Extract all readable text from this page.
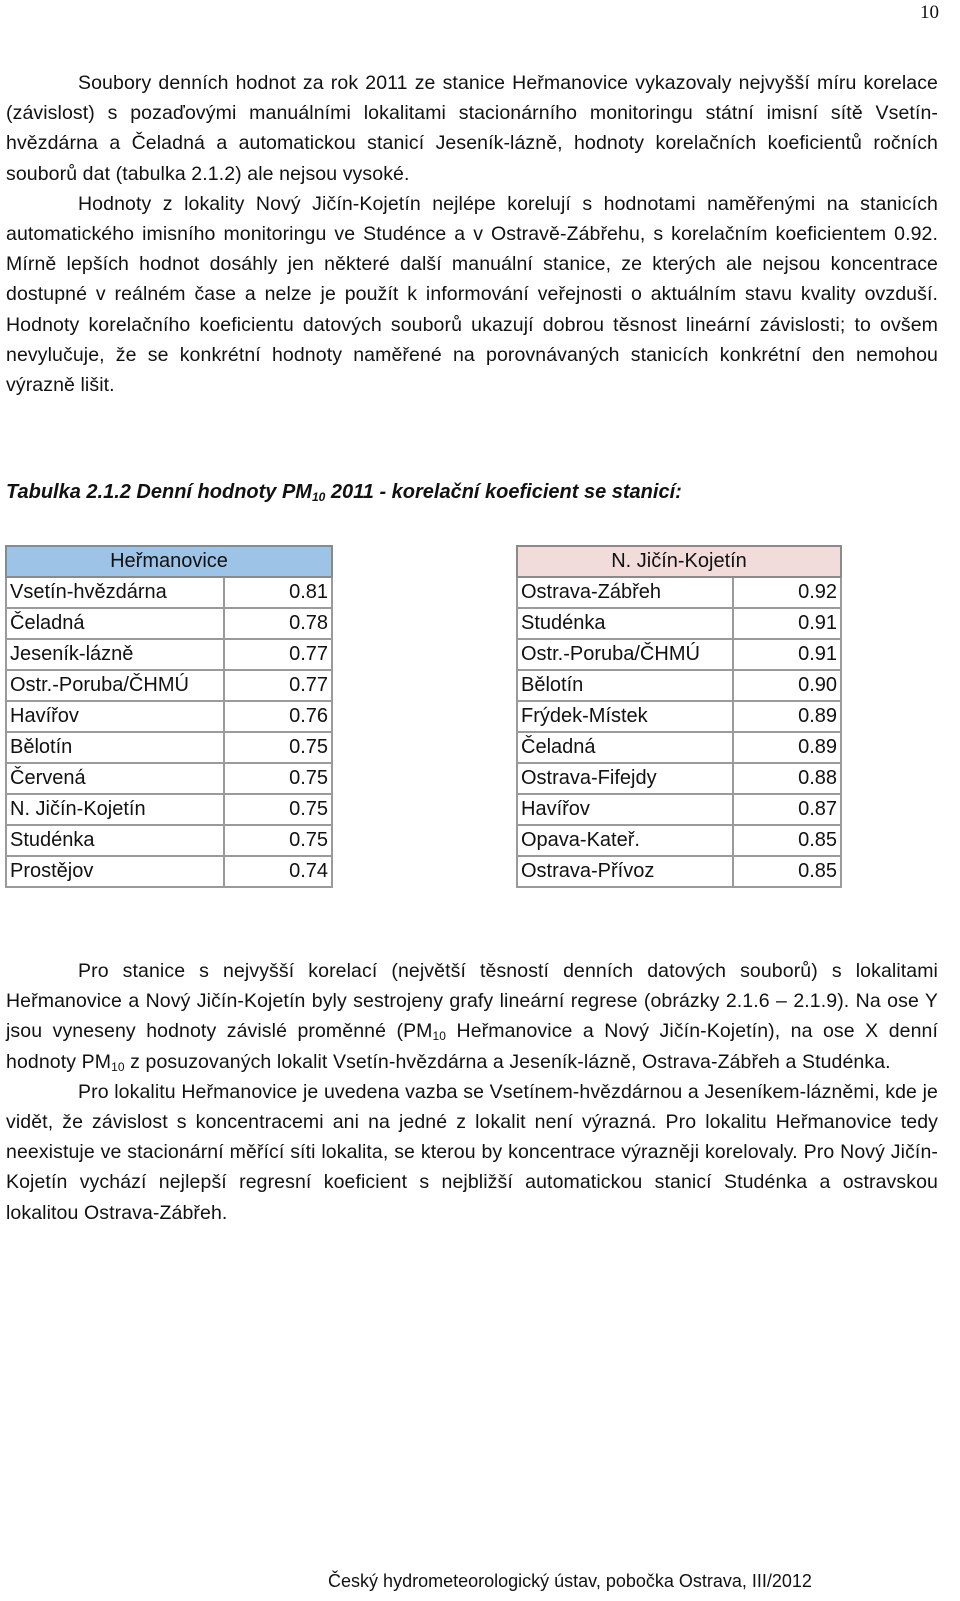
10

Soubory denních hodnot za rok 2011 ze stanice Heřmanovice vykazovaly nejvyšší míru korelace (závislost) s pozaďovými manuálními lokalitami stacionárního monitoringu státní imisní sítě Vsetín-hvězdárna a Čeladná a automatickou stanicí Jeseník-lázně, hodnoty korelačních koeficientů ročních souborů dat (tabulka 2.1.2) ale nejsou vysoké.

Hodnoty z lokality Nový Jičín-Kojetín nejlépe korelují s hodnotami naměřenými na stanicích automatického imisního monitoringu ve Studénce a v Ostravě-Zábřehu, s korelačním koeficientem 0.92. Mírně lepších hodnot dosáhly jen některé další manuální stanice, ze kterých ale nejsou koncentrace dostupné v reálném čase a nelze je použít k informování veřejnosti o aktuálním stavu kvality ovzduší. Hodnoty korelačního koeficientu datových souborů ukazují dobrou těsnost lineární závislosti; to ovšem nevylučuje, že se konkrétní hodnoty naměřené na porovnávaných stanicích konkrétní den nemohou výrazně lišit.

Tabulka 2.1.2 Denní hodnoty $PM_{10}$ 2011 - korelační koeficient se stanicí:
Heřmanovice	
Vsetín-hvězdárna	0.81
Čeladná	0.78
Jeseník-lázně	0.77
Ostr.-Poruba/ČHMÚ	0.77
Havířov	0.76
Bělotín	0.75
Červená	0.75
N. Jičín-Kojetín	0.75
Studénka	0.75
Prostějov	0.74
N. Jičín-Kojetín	
Ostrava-Zábřeh	0.92
Studénka	0.91
Ostr.-Poruba/ČHMÚ	0.91
Bělotín	0.90
Frýdek-Místek	0.89
Čeladná	0.89
Ostrava-Fifejdy	0.88
Havířov	0.87
Opava-Kateř.	0.85
Ostrava-Přívoz	0.85

Pro stanice s nejvyšší korelací (největší těsností denních datových souborů) s lokalitami Heřmanovice a Nový Jičín-Kojetín byly sestrojeny grafy lineární regrese (obrázky 2.1.6 – 2.1.9). Na ose Y jsou vyneseny hodnoty závislé proměnné ($PM_{10}$ Heřmanovice a Nový Jičín-Kojetín), na ose X denní hodnoty $PM_{10}$ z posuzovaných lokalit Vsetín-hvězdárna a Jeseník-lázně, Ostrava-Zábřeh a Studénka.

Pro lokalitu Heřmanovice je uvedena vazba se Vsetínem-hvězdárnou a Jeseníkem-lázněmi, kde je vidět, že závislost s koncentracemi ani na jedné z lokalit není výrazná. Pro lokalitu Heřmanovice tedy neexistuje ve stacionární měřící síti lokalita, se kterou by koncentrace výrazněji korelovaly. Pro Nový Jičín-Kojetín vychází nejlepší regresní koeficient s nejbližší automatickou stanicí Studénka a ostravskou lokalitou Ostrava-Zábřeh.

Český hydrometeorologický ústav, pobočka Ostrava, III/2012
